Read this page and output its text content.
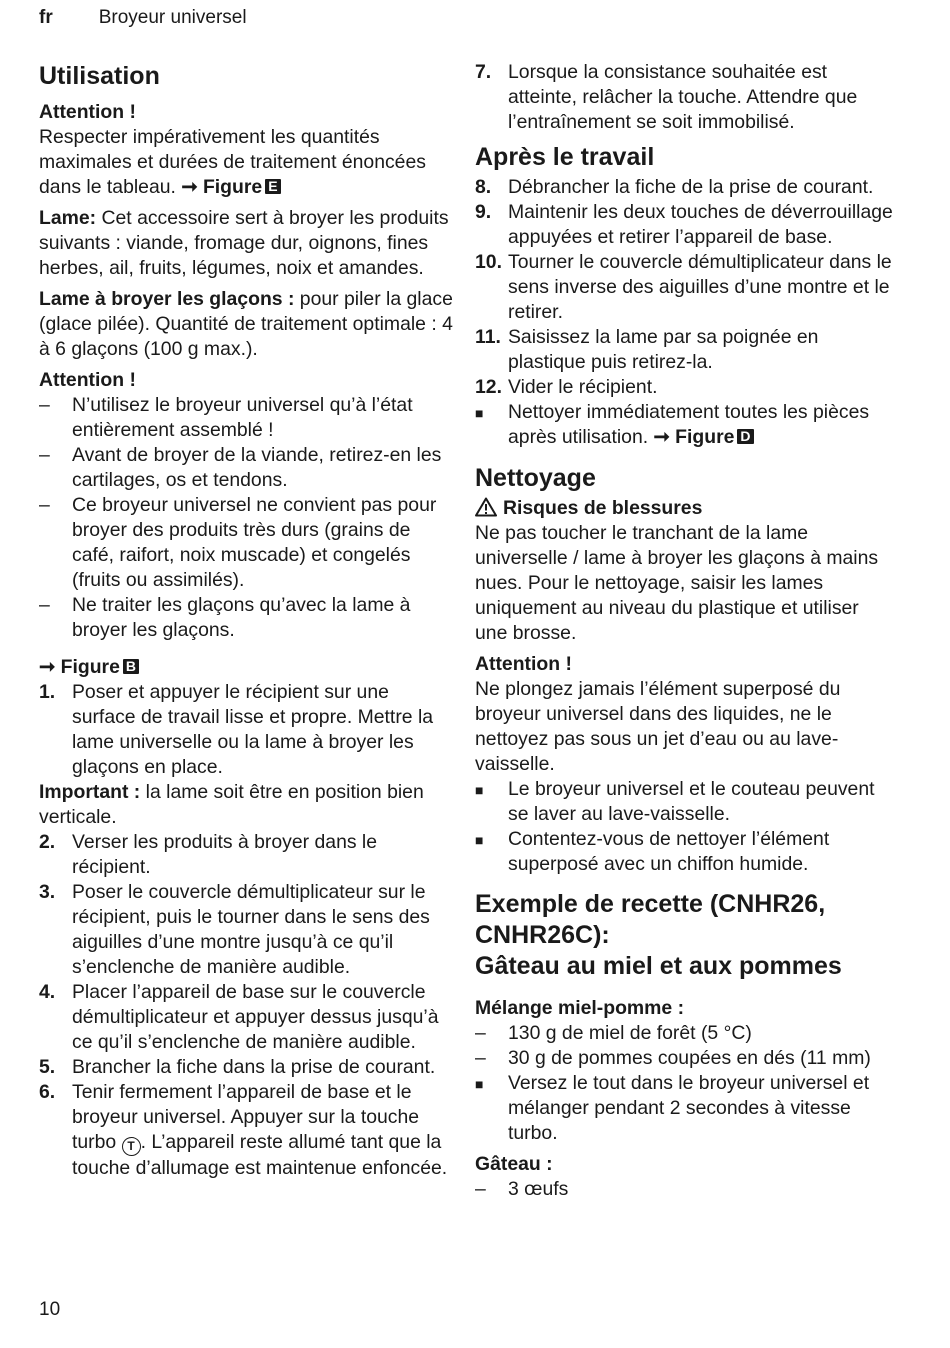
fr Broyeur universel
Utilisation

Attention !

Respecter impérativement les quantités maximales et durées de traitement énoncées dans le tableau. ➞ Figure E

Lame: Cet accessoire sert à broyer les produits suivants : viande, fromage dur, oignons, fines herbes, ail, fruits, légumes, noix et amandes.

Lame à broyer les glaçons : pour piler la glace (glace pilée). Quantité de traitement optimale : 4 à 6 glaçons (100 g max.).

Attention !

– N’utilisez le broyeur universel qu’à l’état entièrement assemblé !
– Avant de broyer de la viande, retirez-en les cartilages, os et tendons.
– Ce broyeur universel ne convient pas pour broyer des produits très durs (grains de café, raifort, noix muscade) et congelés (fruits ou assimilés).
– Ne traiter les glaçons qu’avec la lame à broyer les glaçons.

➞ Figure B

1. Poser et appuyer le récipient sur une surface de travail lisse et propre. Mettre la lame universelle ou la lame à broyer les glaçons en place.

Important : la lame soit être en position bien verticale.

2. Verser les produits à broyer dans le récipient.
3. Poser le couvercle démultiplicateur sur le récipient, puis le tourner dans le sens des aiguilles d’une montre jusqu’à ce qu’il s’enclenche de manière audible.
4. Placer l’appareil de base sur le couvercle démultiplicateur et appuyer dessus jusqu’à ce qu’il s’enclenche de manière audible.
5. Brancher la fiche dans la prise de courant.
6. Tenir fermement l’appareil de base et le broyeur universel. Appuyer sur la touche turbo T . L’appareil reste allumé tant que la touche d’allumage est maintenue enfoncée.
7. Lorsque la consistance souhaitée est atteinte, relâcher la touche. Attendre que l’entraînement se soit immobilisé.
Après le travail
8. Débrancher la fiche de la prise de courant.
9. Maintenir les deux touches de déverrouillage appuyées et retirer l’appareil de base.
10. Tourner le couvercle démultiplicateur dans le sens inverse des aiguilles d’une montre et le retirer.
11. Saisissez la lame par sa poignée en plastique puis retirez-la.
12. Vider le récipient.
■ Nettoyer immédiatement toutes les pièces après utilisation. ➞ Figure D
Nettoyage

Risques de blessures

Ne pas toucher le tranchant de la lame universelle / lame à broyer les glaçons à mains nues. Pour le nettoyage, saisir les lames uniquement au niveau du plastique et utiliser une brosse.

Attention !

Ne plongez jamais l’élément superposé du broyeur universel dans des liquides, ne le nettoyez pas sous un jet d’eau ou au lave-vaisselle.

■ Le broyeur universel et le couteau peuvent se laver au lave-vaisselle.
■ Contentez-vous de nettoyer l’élément superposé avec un chiffon humide.
Exemple de recette (CNHR26,
CNHR26C):
Gâteau au miel et aux pommes

Mélange miel-pomme :

– 130 g de miel de forêt (5 °C)
– 30 g de pommes coupées en dés (11 mm)
■ Versez le tout dans le broyeur universel et mélanger pendant 2 secondes à vitesse turbo.

Gâteau :

– 3 œufs
10
